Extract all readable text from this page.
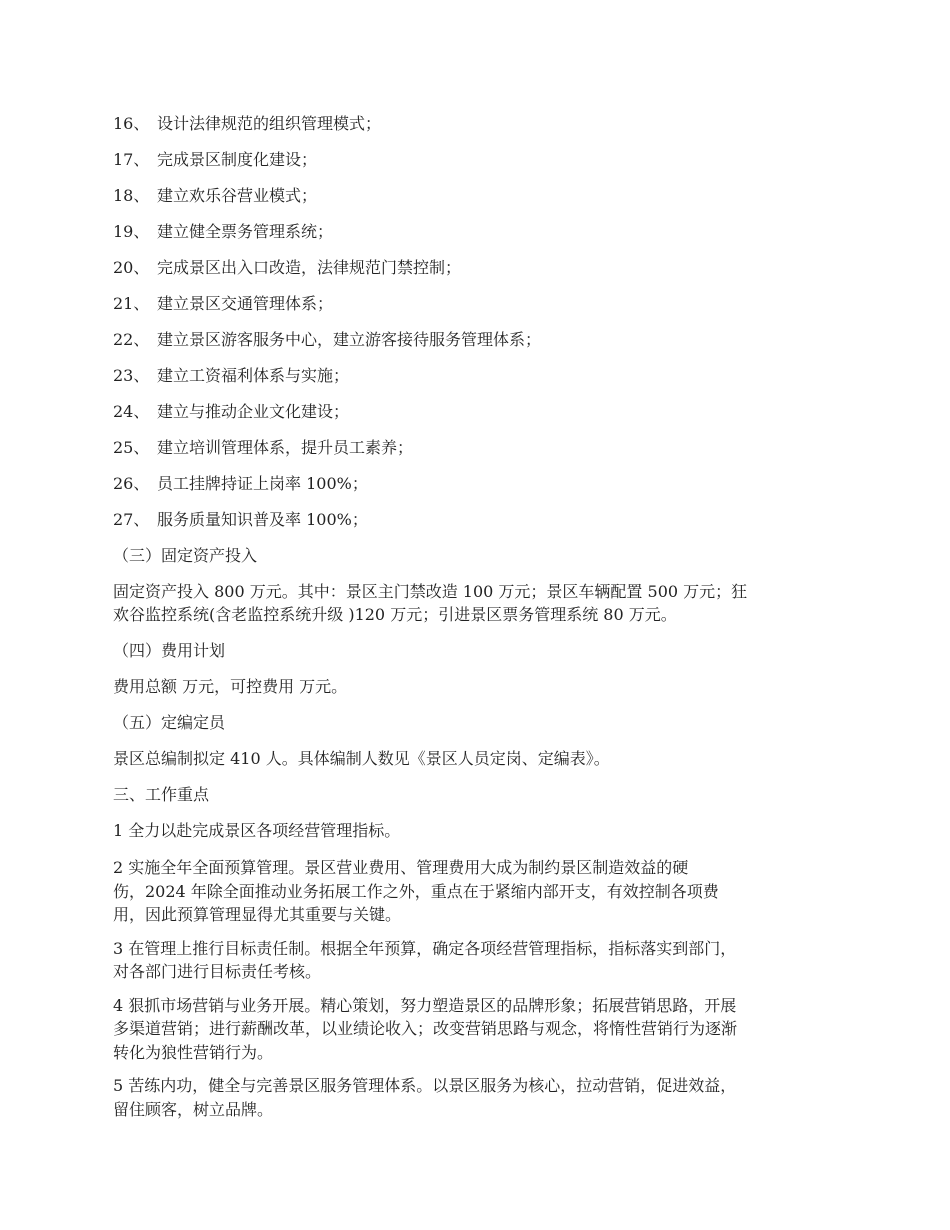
16、 设计法律规范的组织管理模式；
17、 完成景区制度化建设；
18、 建立欢乐谷营业模式；
19、 建立健全票务管理系统；
20、 完成景区出入口改造，法律规范门禁控制；
21、 建立景区交通管理体系；
22、 建立景区游客服务中心，建立游客接待服务管理体系；
23、 建立工资福利体系与实施；
24、 建立与推动企业文化建设；
25、 建立培训管理体系，提升员工素养；
26、 员工挂牌持证上岗率 100%；
27、 服务质量知识普及率 100%；
（三）固定资产投入
固定资产投入 800 万元。其中：景区主门禁改造 100 万元；景区车辆配置 500 万元；狂
欢谷监控系统(含老监控系统升级 )120 万元；引进景区票务管理系统 80 万元。
（四）费用计划
费用总额 万元，可控费用 万元。
（五）定编定员
景区总编制拟定 410 人。具体编制人数见《景区人员定岗、定编表》。
三、工作重点
1 全力以赴完成景区各项经营管理指标。
2 实施全年全面预算管理。景区营业费用、管理费用大成为制约景区制造效益的硬
伤，2024 年除全面推动业务拓展工作之外，重点在于紧缩内部开支，有效控制各项费
用，因此预算管理显得尤其重要与关键。
3 在管理上推行目标责任制。根据全年预算，确定各项经营管理指标，指标落实到部门，
对各部门进行目标责任考核。
4 狠抓市场营销与业务开展。精心策划，努力塑造景区的品牌形象；拓展营销思路，开展
多渠道营销；进行薪酬改革，以业绩论收入；改变营销思路与观念，将惰性营销行为逐渐
转化为狼性营销行为。
5 苦练内功，健全与完善景区服务管理体系。以景区服务为核心，拉动营销，促进效益，
留住顾客，树立品牌。
